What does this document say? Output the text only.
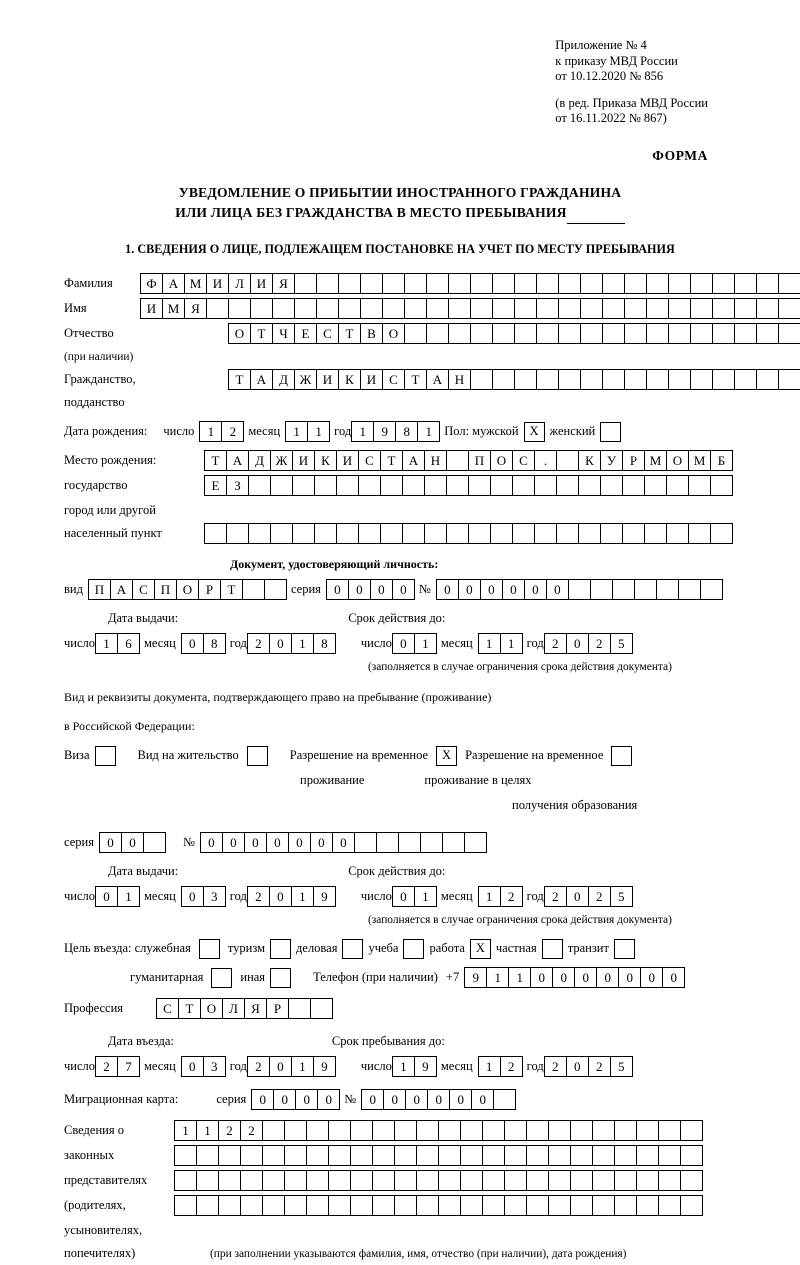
Приложение № 4
к приказу МВД России
от 10.12.2020 № 856
(в ред. Приказа МВД России
от 16.11.2022 № 867)
ФОРМА
УВЕДОМЛЕНИЕ О ПРИБЫТИИ ИНОСТРАННОГО ГРАЖДАНИНА
ИЛИ ЛИЦА БЕЗ ГРАЖДАНСТВА В МЕСТО ПРЕБЫВАНИЯ
1. СВЕДЕНИЯ О ЛИЦЕ, ПОДЛЕЖАЩЕМ ПОСТАНОВКЕ НА УЧЕТ ПО МЕСТУ ПРЕБЫВАНИЯ
Фамилия	Ф А М И Л И Я
Имя	И М Я
Отчество	О	Т	Ч	Е	С	Т	В О
(при наличии)
Гражданство,	Т	А Д Ж И К И С	Т	А Н
подданство
Дата рождения: число	1	2 месяц	1	1 год 1	9	8	1 Пол: мужской Х женский
Место рождения:	Т	А Д Ж И К И С	Т	А Н	П О С	.	К	У	Р М О М Б
государство	Е	З
город или другой
населенный пункт
Документ, удостоверяющий личность:
вид П А С П О	Р	Т	серия	0	0	0	0 №	0	0	0	0	0	0
Дата выдачи:	Срок действия до:
число 1	6 месяц	0	8 год 2	0	1	8	число 0	1 месяц	1	1 год 2	0	2	5
(заполняется в случае ограничения срока действия документа)
Вид и реквизиты документа, подтверждающего право на пребывание (проживание)
в Российской Федерации:
Виза	Вид на жительство	Разрешение на временное	Х	Разрешение на временное
проживание	проживание в целях
получения образования
серия	0	0	№	0	0	0	0	0	0	0
Дата выдачи:	Срок действия до:
число 0	1 месяц	0	3 год 2	0	1	9	число 0	1 месяц	1	2 год 2	0	2	5
(заполняется в случае ограничения срока действия документа)
Цель въезда: служебная	туризм деловая учеба работа Х частная транзит
гуманитарная	иная	Телефон (при наличии) +7	9	1	1	0	0	0	0	0	0	0
Профессия	С	Т	О Л	Я	Р
Дата въезда:	Срок пребывания до:
число 2	7 месяц	0	3 год 2	0	1	9	число 1	9 месяц	1	2 год 2	0	2	5
Миграционная карта:	серия	0	0	0	0 №	0	0	0	0	0	0
Сведения о	1	1	2	2
законных
представителях
(родителях,
усыновителях,
попечителях)	(при заполнении указываются фамилия, имя, отчество (при наличии), дата рождения)
